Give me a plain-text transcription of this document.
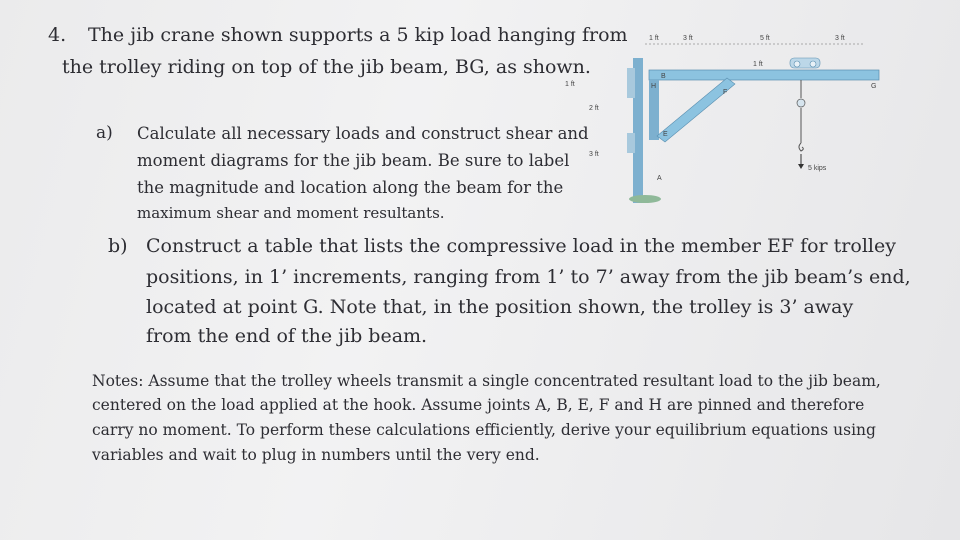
4. The jib crane shown supports a 5 kip load hanging from
the trolley riding on top of the jib beam, BG, as shown.
a) Calculate all necessary loads and construct shear and
moment diagrams for the jib beam. Be sure to label
the magnitude and location along the beam for the
maximum shear and moment resultants.
b) Construct a table that lists the compressive load in the member EF for trolley
positions, in 1’ increments, ranging from 1’ to 7’ away from the jib beam’s end,
located at point G. Note that, in the position shown, the trolley is 3’ away
from the end of the jib beam.
Notes: Assume that the trolley wheels transmit a single concentrated resultant load to the jib beam,
centered on the load applied at the hook. Assume joints A, B, E, F and H are pinned and therefore
carry no moment. To perform these calculations efficiently, derive your equilibrium equations using
variables and wait to plug in numbers until the very end.
1 ft	3 ft	5 ft	3 ft
1 ft
1 ft
2 ft
3 ft
B
H
F
G
E
A
5 kips
